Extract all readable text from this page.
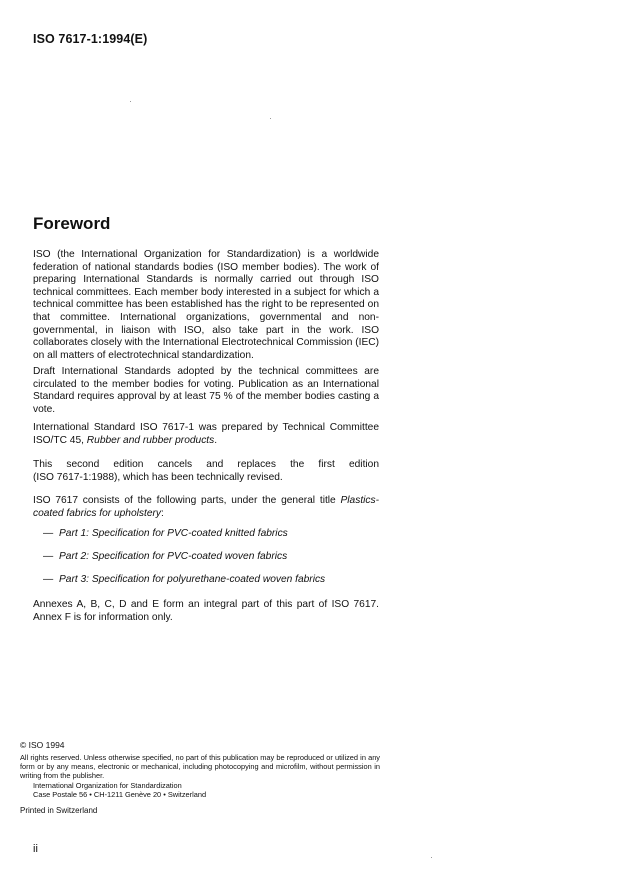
ISO 7617-1:1994(E)
Foreword
ISO (the International Organization for Standardization) is a worldwide federation of national standards bodies (ISO member bodies). The work of preparing International Standards is normally carried out through ISO technical committees. Each member body interested in a subject for which a technical committee has been established has the right to be represented on that committee. International organizations, governmental and non-governmental, in liaison with ISO, also take part in the work. ISO collaborates closely with the International Electrotechnical Commission (IEC) on all matters of electrotechnical standardization.
Draft International Standards adopted by the technical committees are circulated to the member bodies for voting. Publication as an International Standard requires approval by at least 75 % of the member bodies casting a vote.
International Standard ISO 7617-1 was prepared by Technical Committee ISO/TC 45, Rubber and rubber products.
This second edition cancels and replaces the first edition
(ISO 7617-1:1988), which has been technically revised.
ISO 7617 consists of the following parts, under the general title Plastics-coated fabrics for upholstery:
— Part 1: Specification for PVC-coated knitted fabrics
— Part 2: Specification for PVC-coated woven fabrics
— Part 3: Specification for polyurethane-coated woven fabrics
Annexes A, B, C, D and E form an integral part of this part of ISO 7617. Annex F is for information only.
© ISO 1994
All rights reserved. Unless otherwise specified, no part of this publication may be reproduced or utilized in any form or by any means, electronic or mechanical, including photocopying and microfilm, without permission in writing from the publisher.
International Organization for Standardization
Case Postale 56 • CH-1211 Genève 20 • Switzerland
Printed in Switzerland
ii
